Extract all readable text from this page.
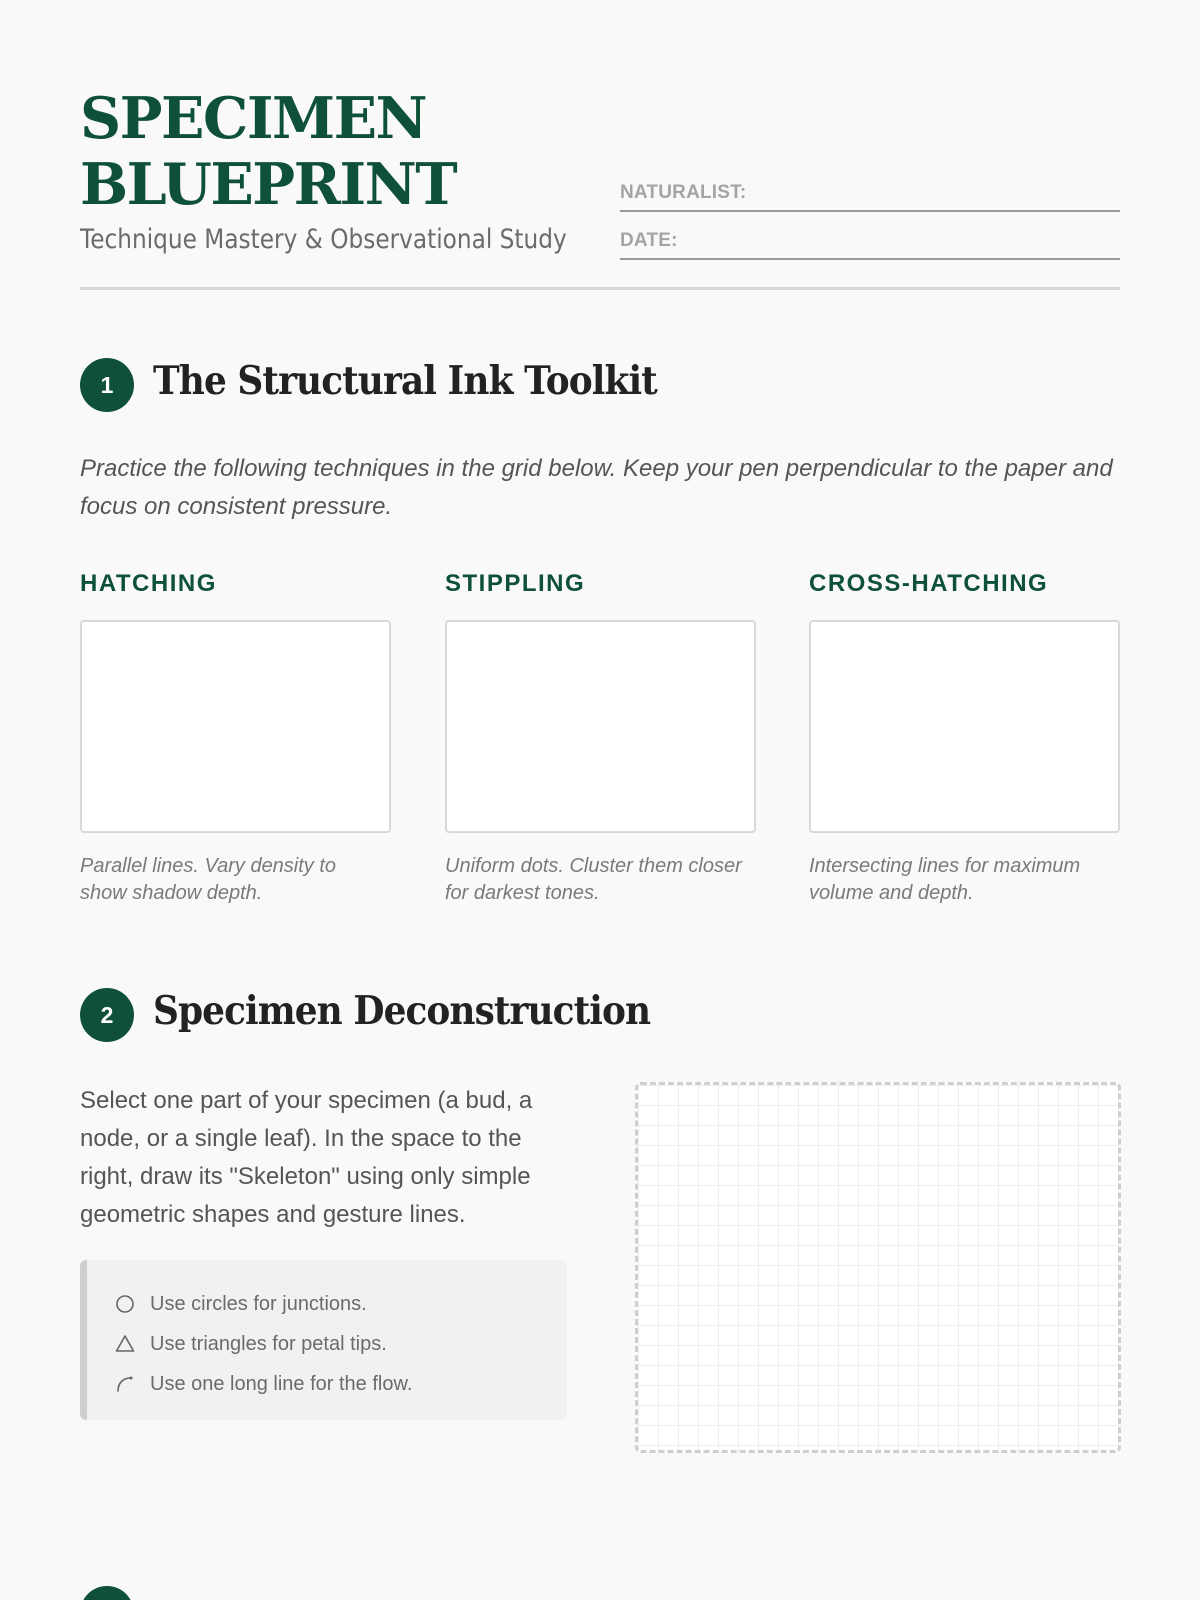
SPECIMEN
BLUEPRINT
Technique Mastery & Observational Study
NATURALIST:
DATE:
1	The Structural Ink Toolkit

Practice the following techniques in the grid below. Keep your pen perpendicular to the paper and focus on consistent pressure.

HATCHING	STIPPLING	CROSS-HATCHING
Parallel lines. Vary density to show shadow depth.
Uniform dots. Cluster them closer for darkest tones.
Intersecting lines for maximum volume and depth.
2	Specimen Deconstruction

Select one part of your specimen (a bud, a node, or a single leaf). In the space to the right, draw its "Skeleton" using only simple geometric shapes and gesture lines.

Use circles for junctions.
Use triangles for petal tips.
Use one long line for the flow.
